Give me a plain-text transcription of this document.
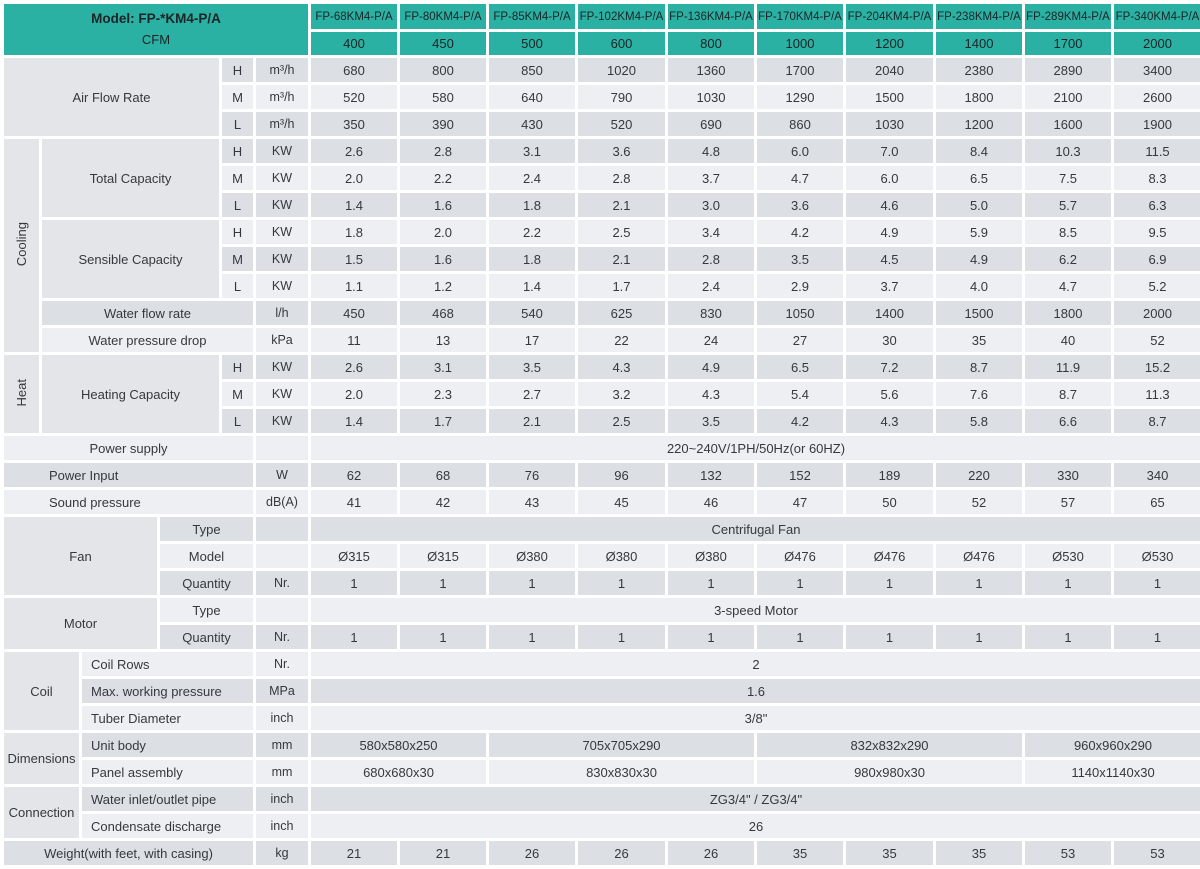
Model: FP-*KM4-P/A
CFM						FP-68KM4-P/A	FP-80KM4-P/A	FP-85KM4-P/A	FP-102KM4-P/A	FP-136KM4-P/A	FP-170KM4-P/A	FP-204KM4-P/A	FP-238KM4-P/A	FP-289KM4-P/A	FP-340KM4-P/A
						400	450	500	600	800	1000	1200	1400	1700	2000
Air Flow Rate				H	m³/h	680	800	850	1020	1360	1700	2040	2380	2890	3400
				M	m³/h	520	580	640	790	1030	1290	1500	1800	2100	2600
				L	m³/h	350	390	430	520	690	860	1030	1200	1600	1900
Cooling	Total Capacity			H	KW	2.6	2.8	3.1	3.6	4.8	6.0	7.0	8.4	10.3	11.5
				M	KW	2.0	2.2	2.4	2.8	3.7	4.7	6.0	6.5	7.5	8.3
				L	KW	1.4	1.6	1.8	2.1	3.0	3.6	4.6	5.0	5.7	6.3
	Sensible Capacity			H	KW	1.8	2.0	2.2	2.5	3.4	4.2	4.9	5.9	8.5	9.5
				M	KW	1.5	1.6	1.8	2.1	2.8	3.5	4.5	4.9	6.2	6.9
				L	KW	1.1	1.2	1.4	1.7	2.4	2.9	3.7	4.0	4.7	5.2
	Water flow rate				l/h	450	468	540	625	830	1050	1400	1500	1800	2000
	Water pressure drop				kPa	11	13	17	22	24	27	30	35	40	52
Heat	Heating Capacity			H	KW	2.6	3.1	3.5	4.3	4.9	6.5	7.2	8.7	11.9	15.2
				M	KW	2.0	2.3	2.7	3.2	4.3	5.4	5.6	7.6	8.7	11.3
				L	KW	1.4	1.7	2.1	2.5	3.5	4.2	4.3	5.8	6.6	8.7
Power supply						220~240V/1PH/50Hz(or 60HZ)									
Power Input					W	62	68	76	96	132	152	189	220	330	340
Sound pressure					dB(A)	41	42	43	45	46	47	50	52	57	65
Fan			Type			Centrifugal Fan									
			Model			Ø315	Ø315	Ø380	Ø380	Ø380	Ø476	Ø476	Ø476	Ø530	Ø530
			Quantity		Nr.	1	1	1	1	1	1	1	1	1	1
Motor			Type			3-speed Motor									
			Quantity		Nr.	1	1	1	1	1	1	1	1	1	1
Coil		Coil Rows			Nr.	2									
		Max. working pressure			MPa	1.6									
		Tuber Diameter			inch	3/8"									
Dimensions		Unit body			mm	580x580x250		705x705x290			832x832x290			960x960x290	
		Panel assembly			mm	680x680x30		830x830x30			980x980x30			1140x1140x30	
Connection		Water inlet/outlet pipe			inch	ZG3/4" / ZG3/4"									
		Condensate discharge			inch	26									
Weight(with feet, with casing)					kg	21	21	26	26	26	35	35	35	53	53
